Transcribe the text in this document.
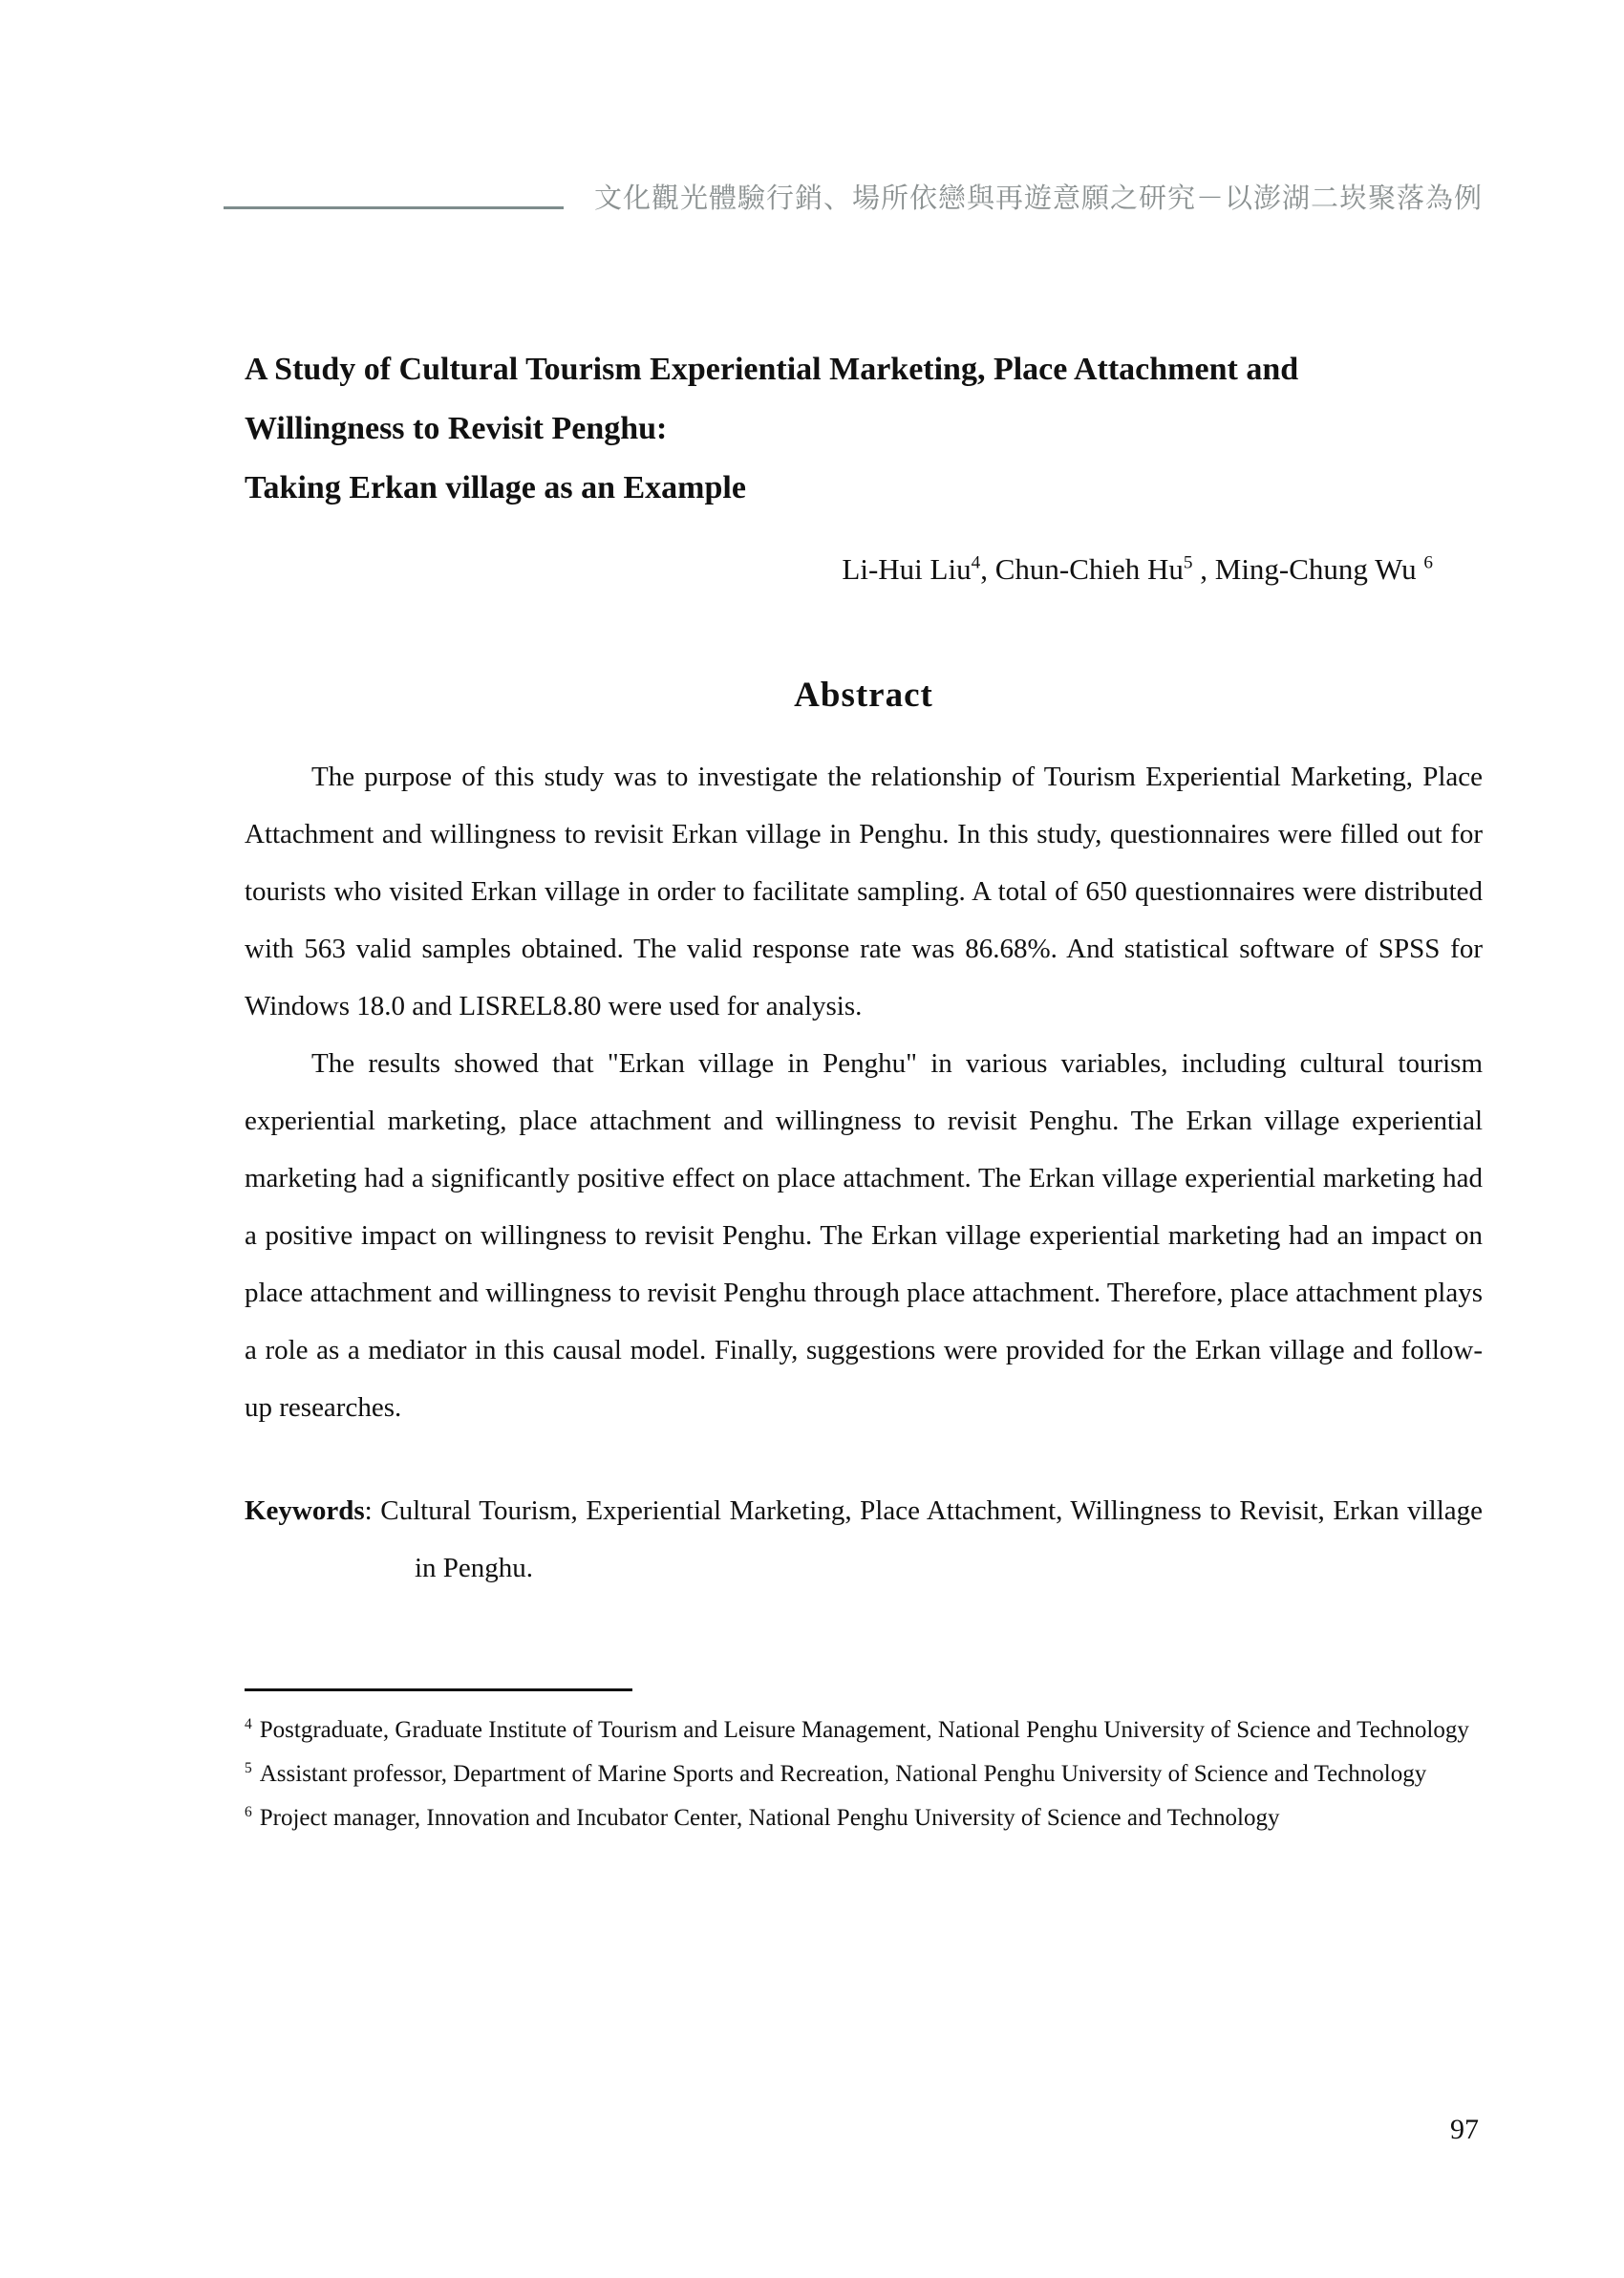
文化觀光體驗行銷、場所依戀與再遊意願之研究－以澎湖二崁聚落為例
A Study of Cultural Tourism Experiential Marketing, Place Attachment and
Willingness to Revisit Penghu:
Taking Erkan village as an Example
Li-Hui Liu$^4$, Chun-Chieh Hu$^5$ , Ming-Chung Wu $^6$
Abstract

The purpose of this study was to investigate the relationship of Tourism Experiential Marketing, Place Attachment and willingness to revisit Erkan village in Penghu. In this study, questionnaires were filled out for tourists who visited Erkan village in order to facilitate sampling. A total of 650 questionnaires were distributed with 563 valid samples obtained. The valid response rate was 86.68%. And statistical software of SPSS for Windows 18.0 and LISREL8.80 were used for analysis.

The results showed that "Erkan village in Penghu" in various variables, including cultural tourism experiential marketing, place attachment and willingness to revisit Penghu. The Erkan village experiential marketing had a significantly positive effect on place attachment. The Erkan village experiential marketing had a positive impact on willingness to revisit Penghu. The Erkan village experiential marketing had an impact on place attachment and willingness to revisit Penghu through place attachment. Therefore, place attachment plays a role as a mediator in this causal model. Finally, suggestions were provided for the Erkan village and follow-up researches.

Keywords: Cultural Tourism, Experiential Marketing, Place Attachment, Willingness to Revisit, Erkan village in Penghu.

$^4$ Postgraduate, Graduate Institute of Tourism and Leisure Management, National Penghu University of Science and Technology
$^5$ Assistant professor, Department of Marine Sports and Recreation, National Penghu University of Science and Technology
$^6$ Project manager, Innovation and Incubator Center, National Penghu University of Science and Technology
97
